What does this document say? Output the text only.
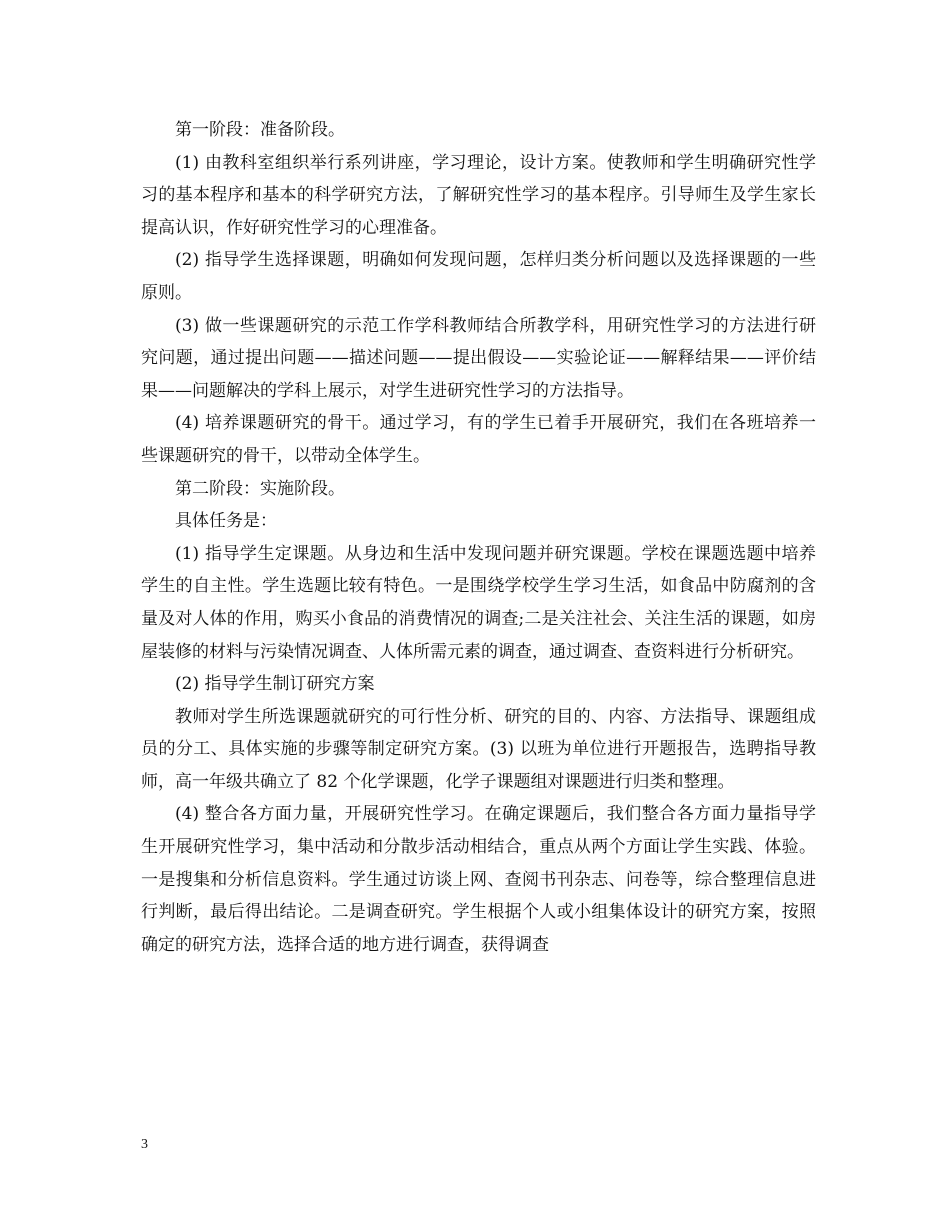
第一阶段：准备阶段。

(1) 由教科室组织举行系列讲座，学习理论，设计方案。使教师和学生明确研究性学习的基本程序和基本的科学研究方法，了解研究性学习的基本程序。引导师生及学生家长提高认识，作好研究性学习的心理准备。

(2) 指导学生选择课题，明确如何发现问题，怎样归类分析问题以及选择课题的一些原则。

(3) 做一些课题研究的示范工作学科教师结合所教学科，用研究性学习的方法进行研究问题，通过提出问题——描述问题——提出假设——实验论证——解释结果——评价结果——问题解决的学科上展示，对学生进研究性学习的方法指导。

(4) 培养课题研究的骨干。通过学习，有的学生已着手开展研究，我们在各班培养一些课题研究的骨干，以带动全体学生。

第二阶段：实施阶段。

具体任务是：

(1) 指导学生定课题。从身边和生活中发现问题并研究课题。学校在课题选题中培养学生的自主性。学生选题比较有特色。一是围绕学校学生学习生活，如食品中防腐剂的含量及对人体的作用，购买小食品的消费情况的调查;二是关注社会、关注生活的课题，如房屋装修的材料与污染情况调查、人体所需元素的调查，通过调查、查资料进行分析研究。

(2) 指导学生制订研究方案

教师对学生所选课题就研究的可行性分析、研究的目的、内容、方法指导、课题组成员的分工、具体实施的步骤等制定研究方案。(3) 以班为单位进行开题报告，选聘指导教师，高一年级共确立了 82 个化学课题，化学子课题组对课题进行归类和整理。

(4) 整合各方面力量，开展研究性学习。在确定课题后，我们整合各方面力量指导学生开展研究性学习，集中活动和分散步活动相结合，重点从两个方面让学生实践、体验。一是搜集和分析信息资料。学生通过访谈上网、查阅书刊杂志、问卷等，综合整理信息进行判断，最后得出结论。二是调查研究。学生根据个人或小组集体设计的研究方案，按照确定的研究方法，选择合适的地方进行调查，获得调查

3
